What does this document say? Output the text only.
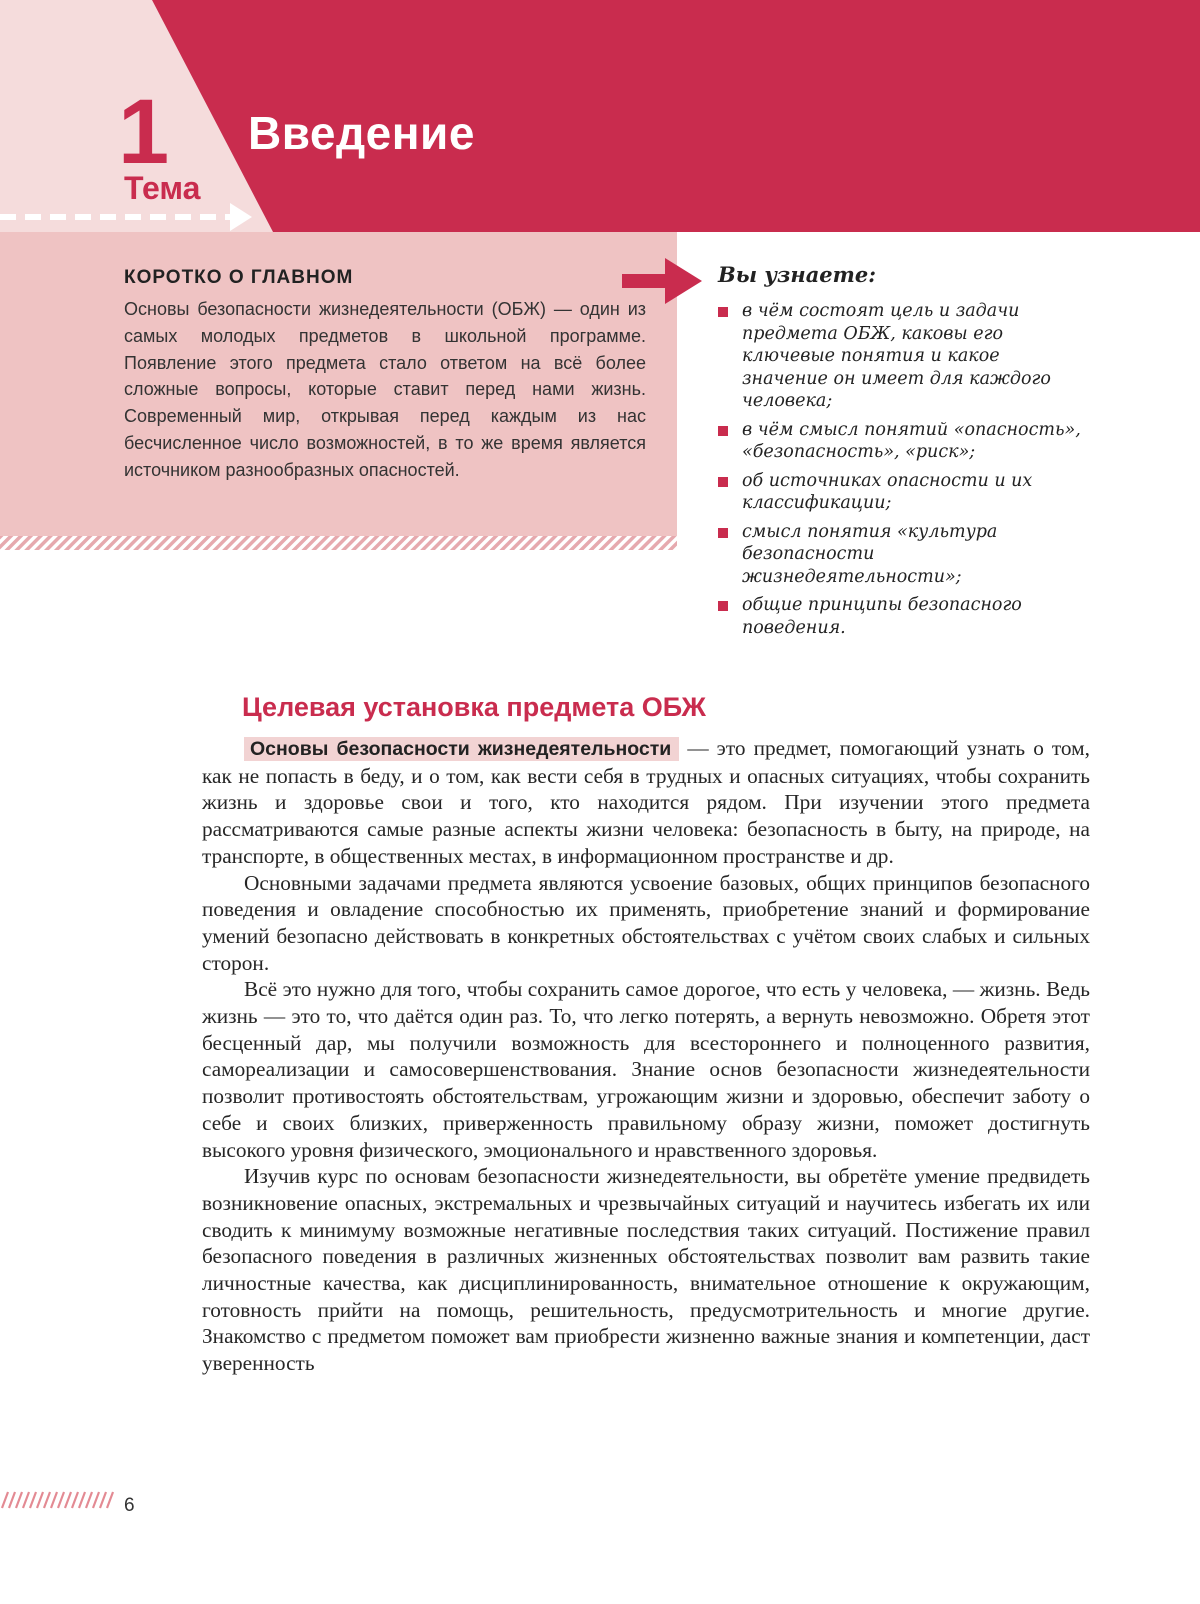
1
Тема
Введение
КОРОТКО О ГЛАВНОМ
Основы безопасности жизнедеятельности (ОБЖ) — один из самых молодых предметов в школьной программе. Появление этого предмета стало ответом на всё более сложные вопросы, которые ставит перед нами жизнь. Современный мир, открывая перед каждым из нас бесчисленное число возможностей, в то же время является источником разнообразных опасностей.
Вы узнаете:
в чём состоят цель и задачи предмета ОБЖ, каковы его ключевые понятия и какое значение он имеет для каждого человека;
в чём смысл понятий «опасность», «безопасность», «риск»;
об источниках опасности и их классификации;
смысл понятия «культура безопасности жизнедеятельности»;
общие принципы безопасного поведения.
Целевая установка предмета ОБЖ

Основы безопасности жизнедеятельности — это предмет, помогающий узнать о том, как не попасть в беду, и о том, как вести себя в трудных и опасных ситуациях, чтобы сохранить жизнь и здоровье свои и того, кто находится рядом. При изучении этого предмета рассматриваются самые разные аспекты жизни человека: безопасность в быту, на природе, на транспорте, в общественных местах, в информационном пространстве и др.

Основными задачами предмета являются усвоение базовых, общих принципов безопасного поведения и овладение способностью их применять, приобретение знаний и формирование умений безопасно действовать в конкретных обстоятельствах с учётом своих слабых и сильных сторон.

Всё это нужно для того, чтобы сохранить самое дорогое, что есть у человека, — жизнь. Ведь жизнь — это то, что даётся один раз. То, что легко потерять, а вернуть невозможно. Обретя этот бесценный дар, мы получили возможность для всестороннего и полноценного развития, самореализации и самосовершенствования. Знание основ безопасности жизнедеятельности позволит противостоять обстоятельствам, угрожающим жизни и здоровью, обеспечит заботу о себе и своих близких, приверженность правильному образу жизни, поможет достигнуть высокого уровня физического, эмоционального и нравственного здоровья.

Изучив курс по основам безопасности жизнедеятельности, вы обретёте умение предвидеть возникновение опасных, экстремальных и чрезвычайных ситуаций и научитесь избегать их или сводить к минимуму возможные негативные последствия таких ситуаций. Постижение правил безопасного поведения в различных жизненных обстоятельствах позволит вам развить такие личностные качества, как дисциплинированность, внимательное отношение к окружающим, готовность прийти на помощь, решительность, предусмотрительность и многие другие. Знакомство с предметом поможет вам приобрести жизненно важные знания и компетенции, даст уверенность

6
